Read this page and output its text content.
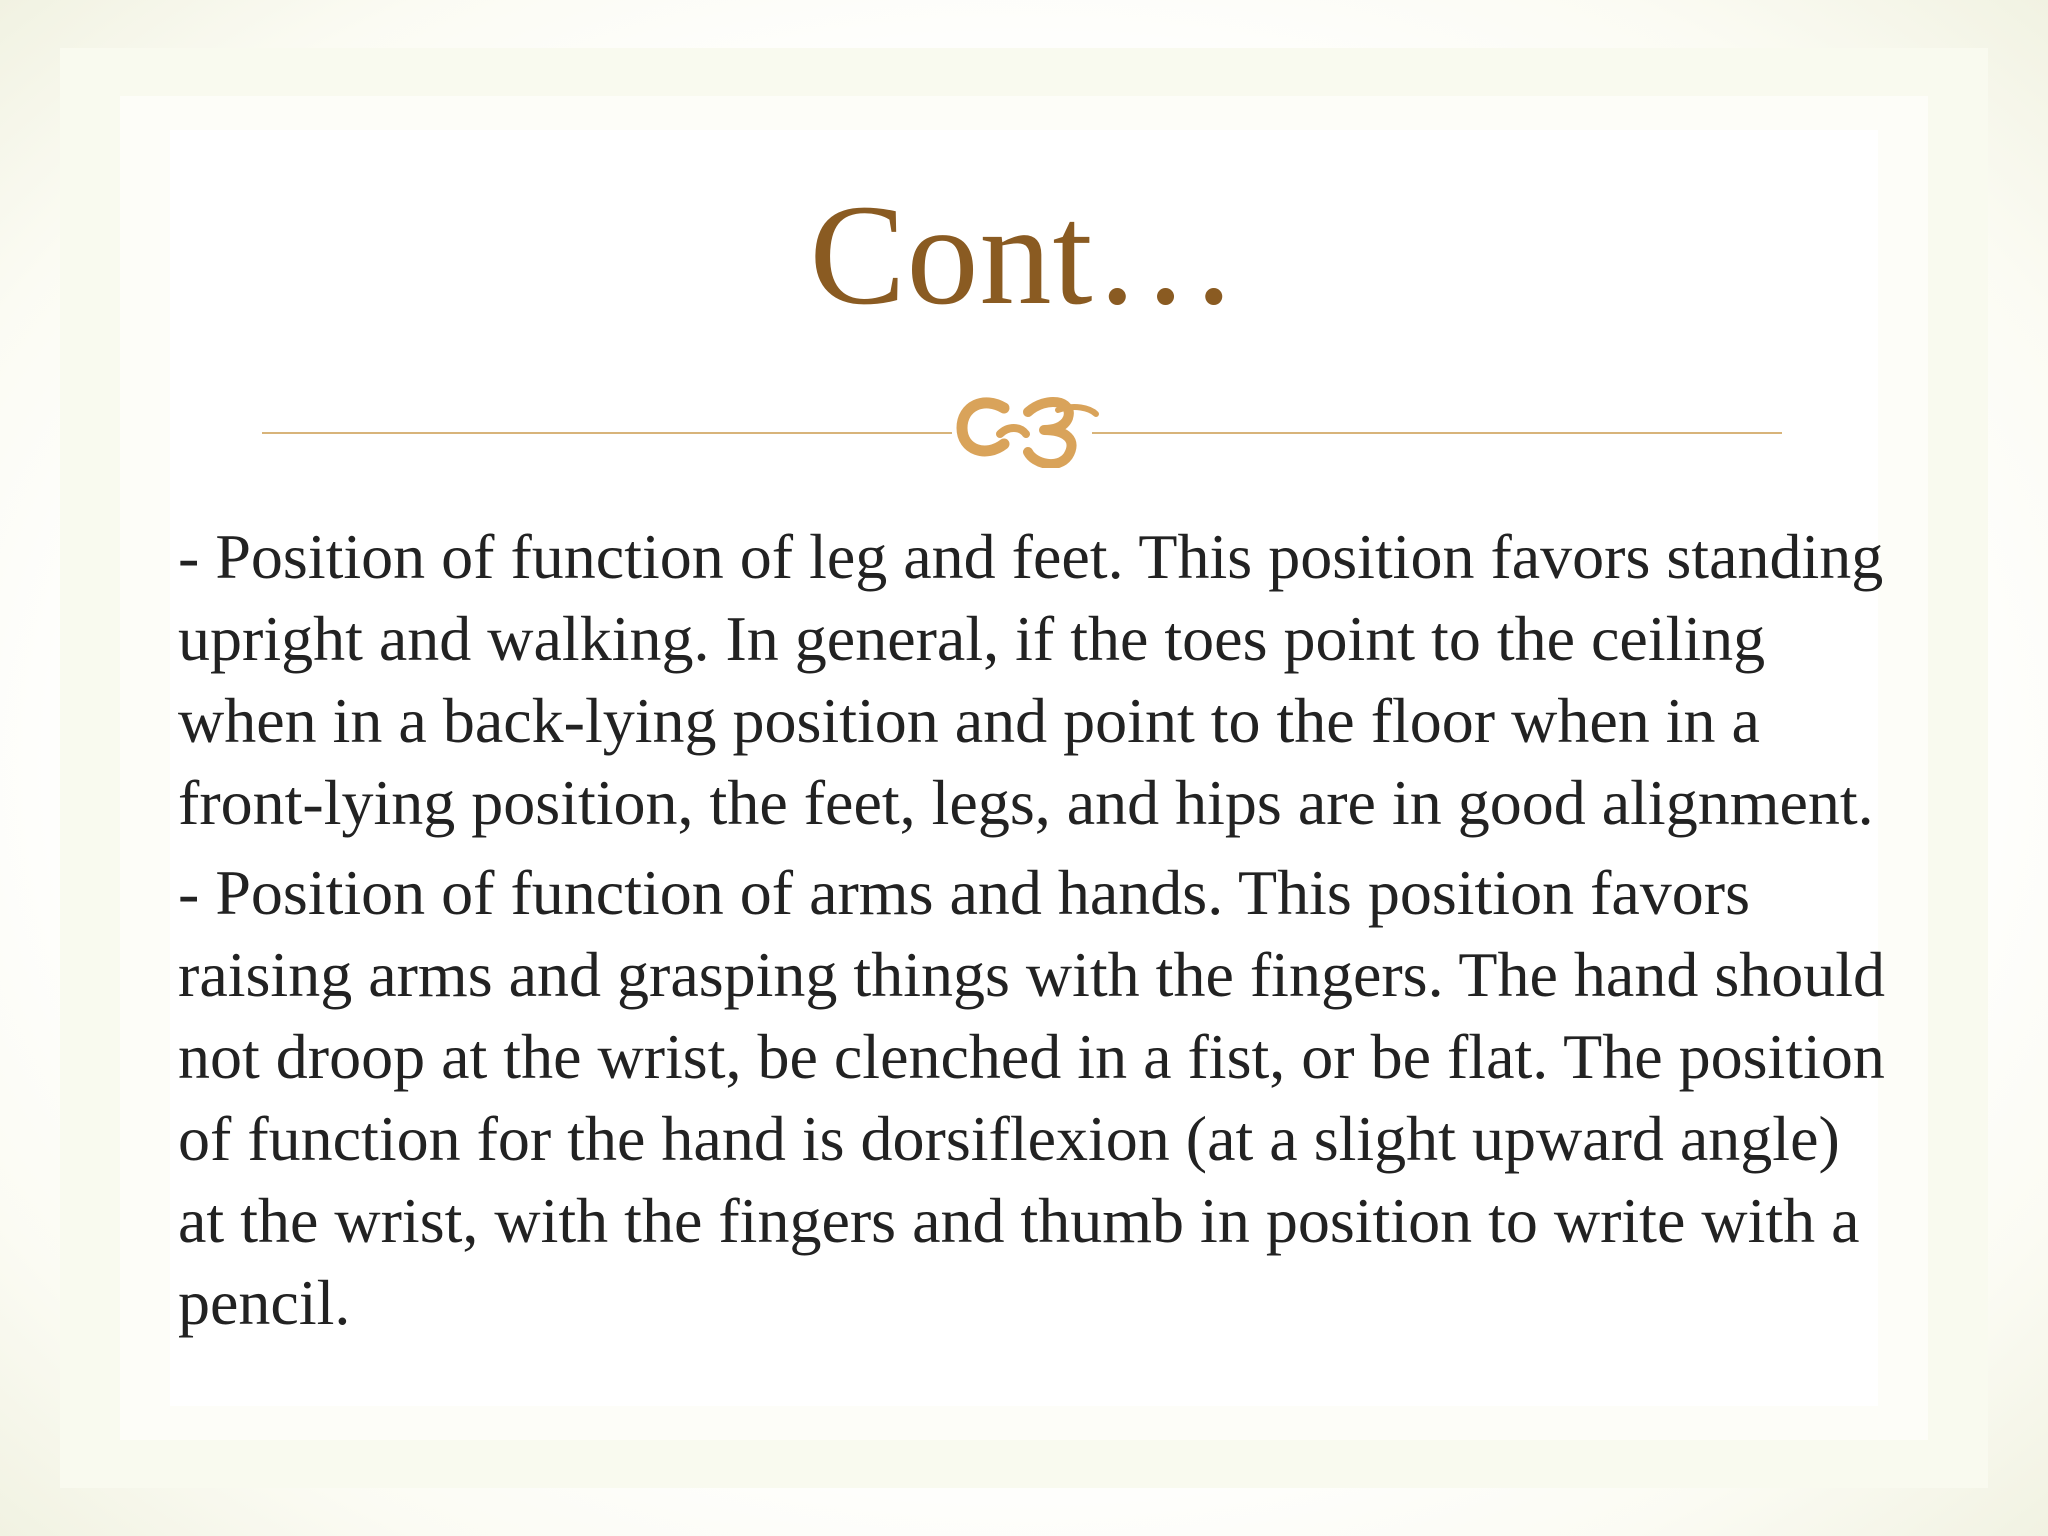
Cont…

- Position of function of leg and feet. This position favors standing upright and walking. In general, if the toes point to the ceiling when in a back-lying position and point to the floor when in a front-lying position, the feet, legs, and hips are in good alignment.

- Position of function of arms and hands. This position favors raising arms and grasping things with the fingers. The hand should not droop at the wrist, be clenched in a fist, or be flat. The position of function for the hand is dorsiflexion (at a slight upward angle) at the wrist, with the fingers and thumb in position to write with a pencil.
